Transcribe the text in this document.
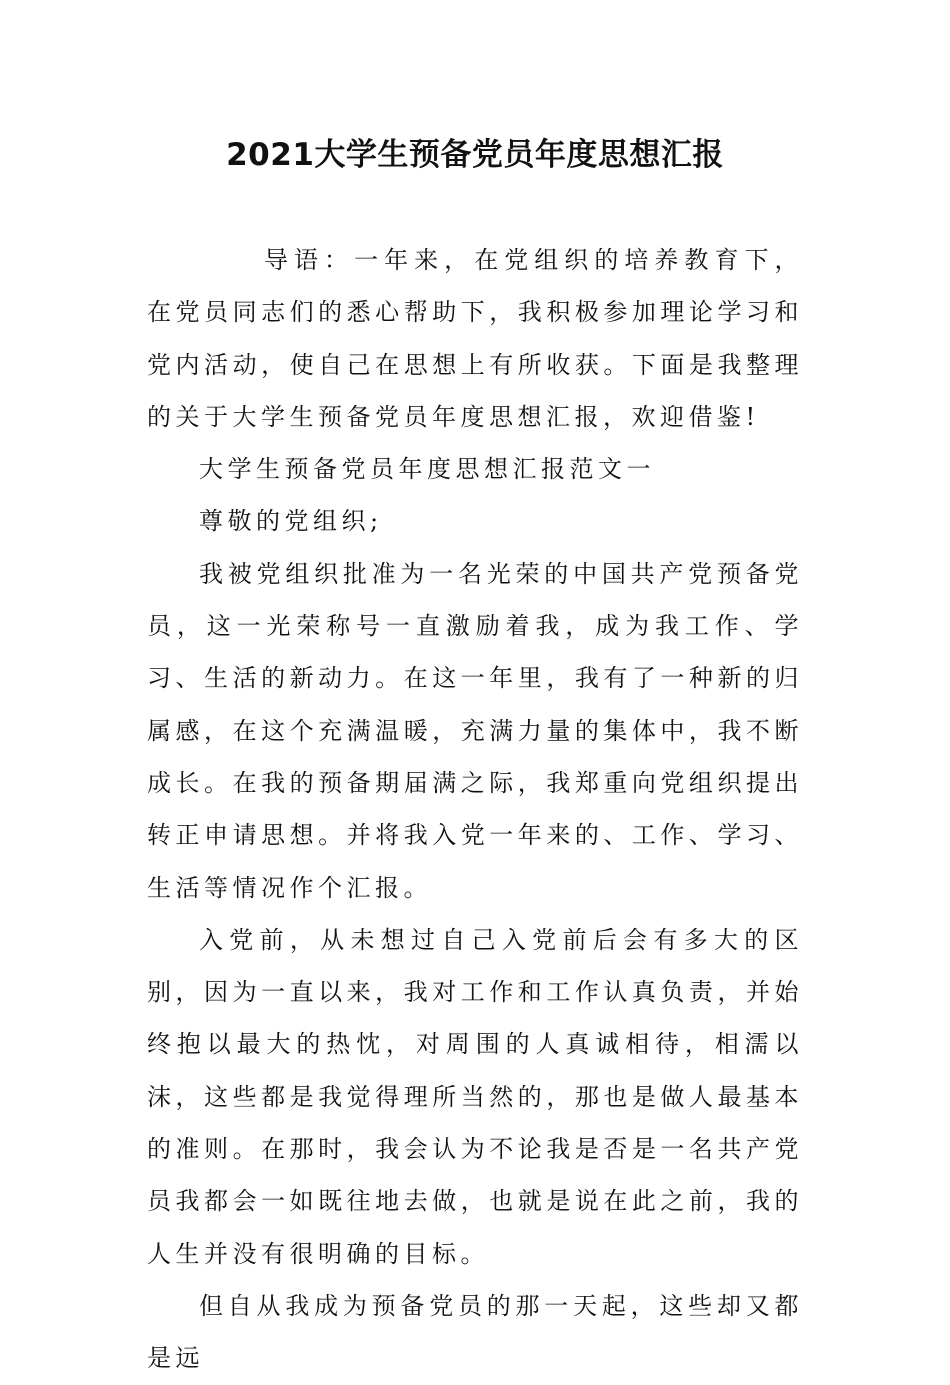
2021大学生预备党员年度思想汇报

导语：一年来，在党组织的培养教育下，在党员同志们的悉心帮助下，我积极参加理论学习和党内活动，使自己在思想上有所收获。下面是我整理的关于大学生预备党员年度思想汇报，欢迎借鉴!

大学生预备党员年度思想汇报范文一

尊敬的党组织;

我被党组织批准为一名光荣的中国共产党预备党员，这一光荣称号一直激励着我，成为我工作、学习、生活的新动力。在这一年里，我有了一种新的归属感，在这个充满温暖，充满力量的集体中，我不断成长。在我的预备期届满之际，我郑重向党组织提出转正申请思想。并将我入党一年来的、工作、学习、生活等情况作个汇报。

入党前，从未想过自己入党前后会有多大的区别，因为一直以来，我对工作和工作认真负责，并始终抱以最大的热忱，对周围的人真诚相待，相濡以沫，这些都是我觉得理所当然的，那也是做人最基本的准则。在那时，我会认为不论我是否是一名共产党员我都会一如既往地去做，也就是说在此之前，我的人生并没有很明确的目标。

但自从我成为预备党员的那一天起，这些却又都是远
